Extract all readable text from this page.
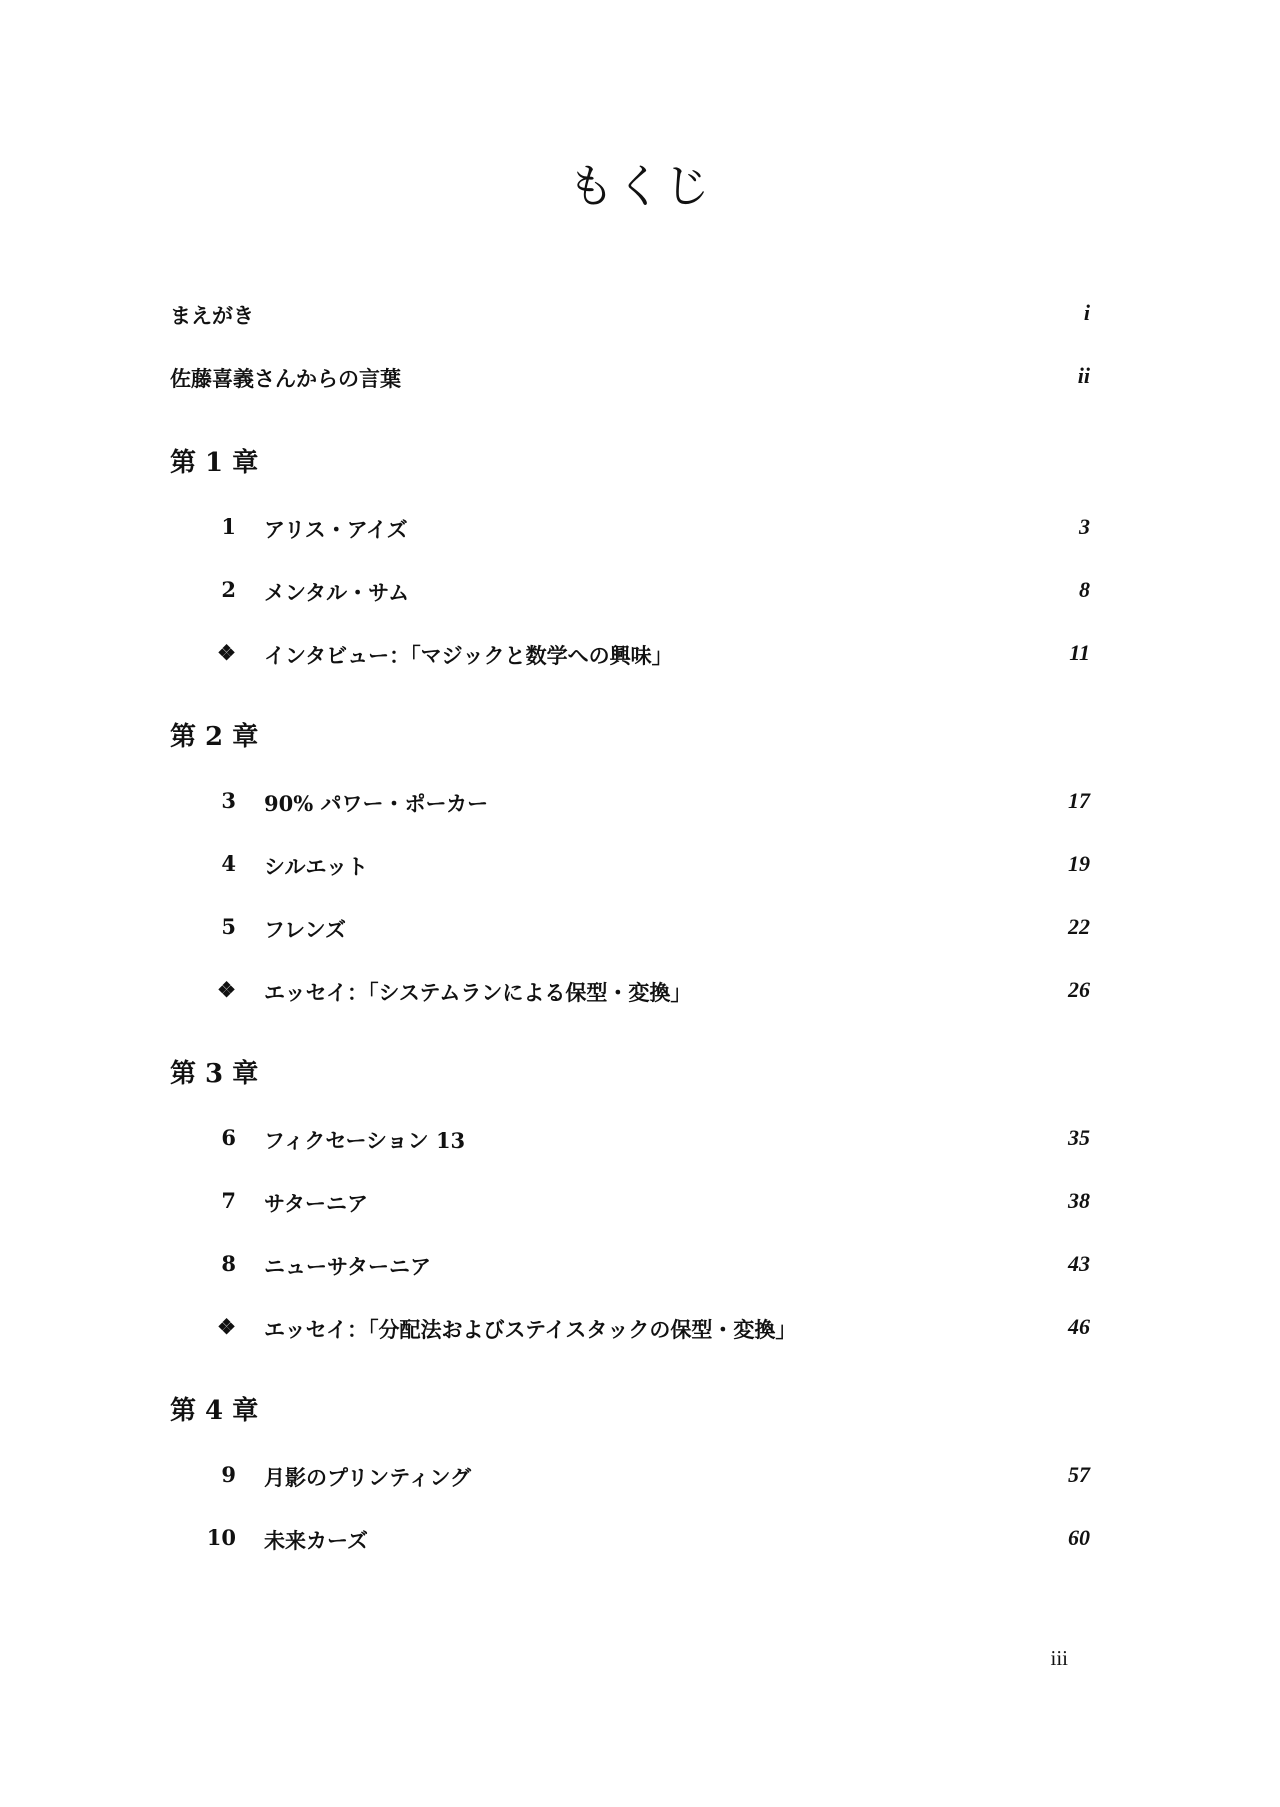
もくじ
まえがき	i
佐藤喜義さんからの言葉	ii
第 1 章
1 アリス・アイズ	3
2 メンタル・サム	8
❖ インタビュー：「マジックと数学への興味」	11
第 2 章
3 90% パワー・ポーカー	17
4 シルエット	19
5 フレンズ	22
❖ エッセイ：「システムランによる保型・変換」	26
第 3 章
6 フィクセーション 13	35
7 サターニア	38
8 ニューサターニア	43
❖ エッセイ：「分配法およびステイスタックの保型・変換」	46
第 4 章
9 月影のプリンティング	57
10 未来カーズ	60
iii
